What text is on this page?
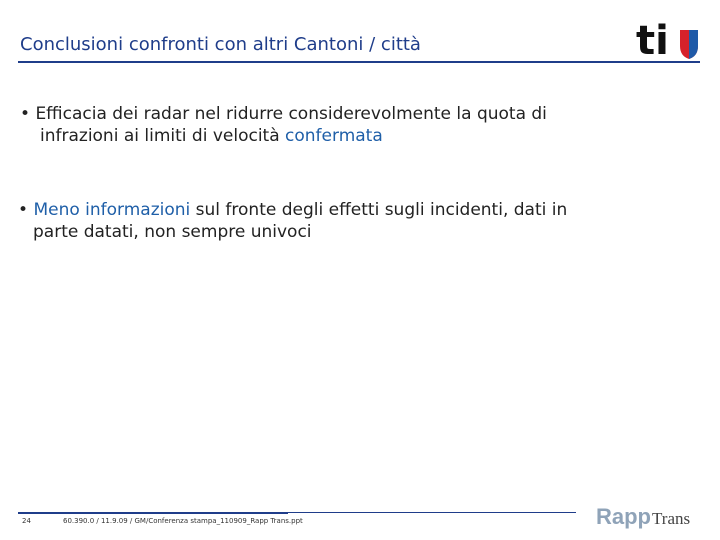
Conclusioni confronti con altri Cantoni / città	ti
• Efficacia dei radar nel ridurre considerevolmente la quota di
infrazioni ai limiti di velocità confermata
• Meno informazioni sul fronte degli effetti sugli incidenti, dati in
parte datati, non sempre univoci
24	60.390.0 / 11.9.09 / GM/Conferenza stampa_110909_Rapp Trans.ppt	Rapp Trans
